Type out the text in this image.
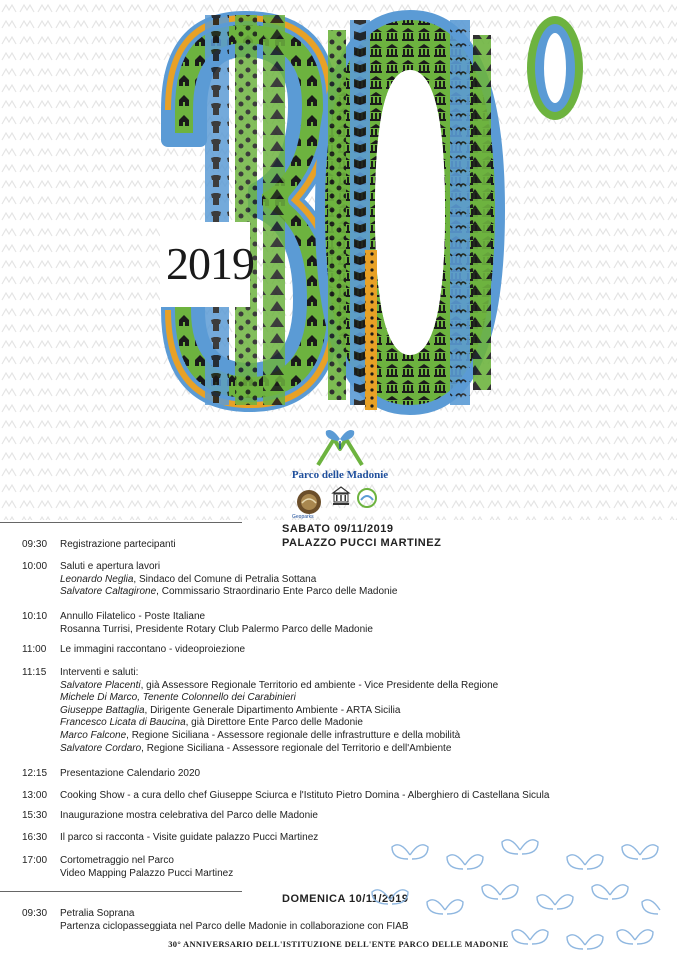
2019
Parco delle Madonie
Geoparks
SABATO 09/11/2019
PALAZZO PUCCI MARTINEZ
09:30	Registrazione partecipanti
10:00	Saluti e apertura lavori
Leonardo Neglia, Sindaco del Comune di Petralia Sottana
Salvatore Caltagirone, Commissario Straordinario Ente Parco delle Madonie
10:10	Annullo Filatelico - Poste Italiane
Rosanna Turrisi, Presidente Rotary Club Palermo Parco delle Madonie
11:00	Le immagini raccontano - videoproiezione
11:15	Interventi e saluti:
Salvatore Placenti, già Assessore Regionale Territorio ed ambiente - Vice Presidente della Regione
Michele Di Marco, Tenente Colonnello dei Carabinieri
Giuseppe Battaglia, Dirigente Generale Dipartimento Ambiente - ARTA Sicilia
Francesco Licata di Baucina, già Direttore Ente Parco delle Madonie
Marco Falcone, Regione Siciliana - Assessore regionale delle infrastrutture e della mobilità
Salvatore Cordaro, Regione Siciliana - Assessore regionale del Territorio e dell'Ambiente
12:15	Presentazione Calendario 2020
13:00	Cooking Show - a cura dello chef Giuseppe Sciurca e l'Istituto Pietro Domina - Alberghiero di Castellana Sicula
15:30	Inaugurazione mostra celebrativa del Parco delle Madonie
16:30	Il parco si racconta - Visite guidate palazzo Pucci Martinez
17:00	Cortometraggio nel Parco
Video Mapping Palazzo Pucci Martinez
DOMENICA 10/11/2019
09:30	Petralia Soprana
Partenza ciclopasseggiata nel Parco delle Madonie in collaborazione con FIAB
30° ANNIVERSARIO DELL'ISTITUZIONE DELL'ENTE PARCO DELLE MADONIE
